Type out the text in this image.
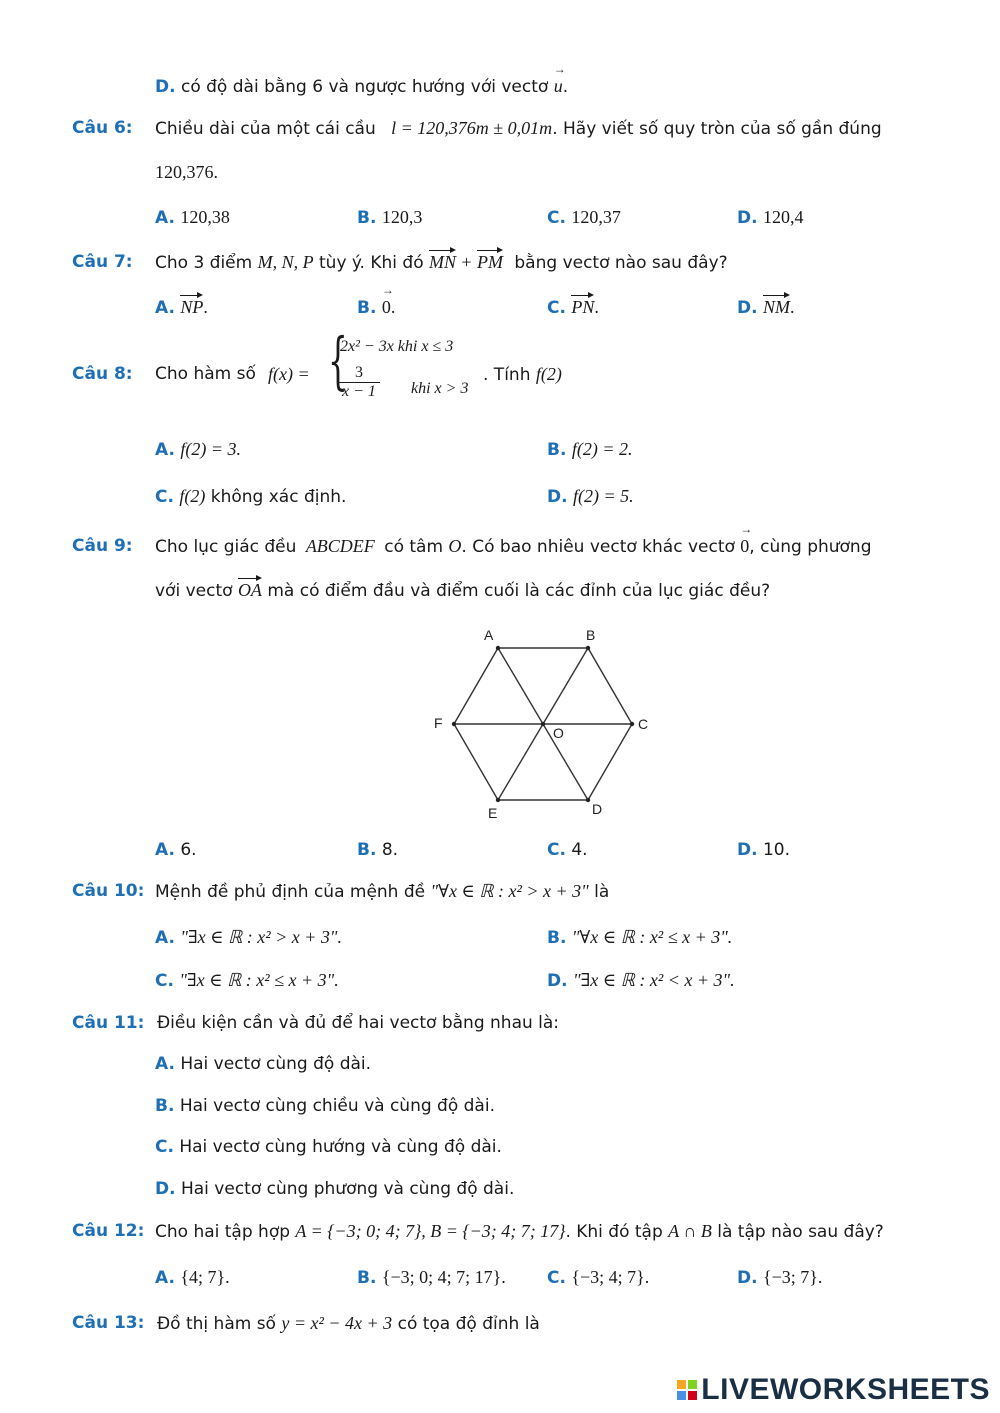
D. có độ dài bằng 6 và ngược hướng với vectơ u →.
Câu 6: Chiều dài của một cái cầu l = 120,376m ± 0,01m. Hãy viết số quy tròn của số gần đúng
120,376.
A. 120,38	B. 120,3	C. 120,37	D. 120,4
Câu 7: Cho 3 điểm M, N, P tùy ý. Khi đó MN + PM bằng vectơ nào sau đây?
A. NP.	B. 0 →.	C. PN.	D. NM.
Câu 8: Cho hàm số f(x) = {
2x² − 3x khi x ≤ 3
$\frac{3}{x - 1}$ khi x > 3
. Tính f(2)
A. f(2) = 3.	B. f(2) = 2.
C. f(2) không xác định.	D. f(2) = 5.
Câu 9: Cho lục giác đều ABCDEF có tâm O. Có bao nhiêu vectơ khác vectơ 0 →, cùng phương
với vectơ OA mà có điểm đầu và điểm cuối là các đỉnh của lục giác đều?
A	B
C
D
E
F
O
A. 6.	B. 8.	C. 4.	D. 10.
Câu 10: Mệnh đề phủ định của mệnh đề "∀x ∈ ℝ : x² > x + 3" là
A. "∃x ∈ ℝ : x² > x + 3".	B. "∀x ∈ ℝ : x² ≤ x + 3".
C. "∃x ∈ ℝ : x² ≤ x + 3".	D. "∃x ∈ ℝ : x² < x + 3".
Câu 11: Điều kiện cần và đủ để hai vectơ bằng nhau là:
A. Hai vectơ cùng độ dài.
B. Hai vectơ cùng chiều và cùng độ dài.
C. Hai vectơ cùng hướng và cùng độ dài.
D. Hai vectơ cùng phương và cùng độ dài.
Câu 12: Cho hai tập hợp A = {−3; 0; 4; 7}, B = {−3; 4; 7; 17}. Khi đó tập A ∩ B là tập nào sau đây?
A. {4; 7}.	B. {−3; 0; 4; 7; 17}. C. {−3; 4; 7}.	D. {−3; 7}.
Câu 13: Đồ thị hàm số y = x² − 4x + 3 có tọa độ đỉnh là
LIVEWORKSHEETS
